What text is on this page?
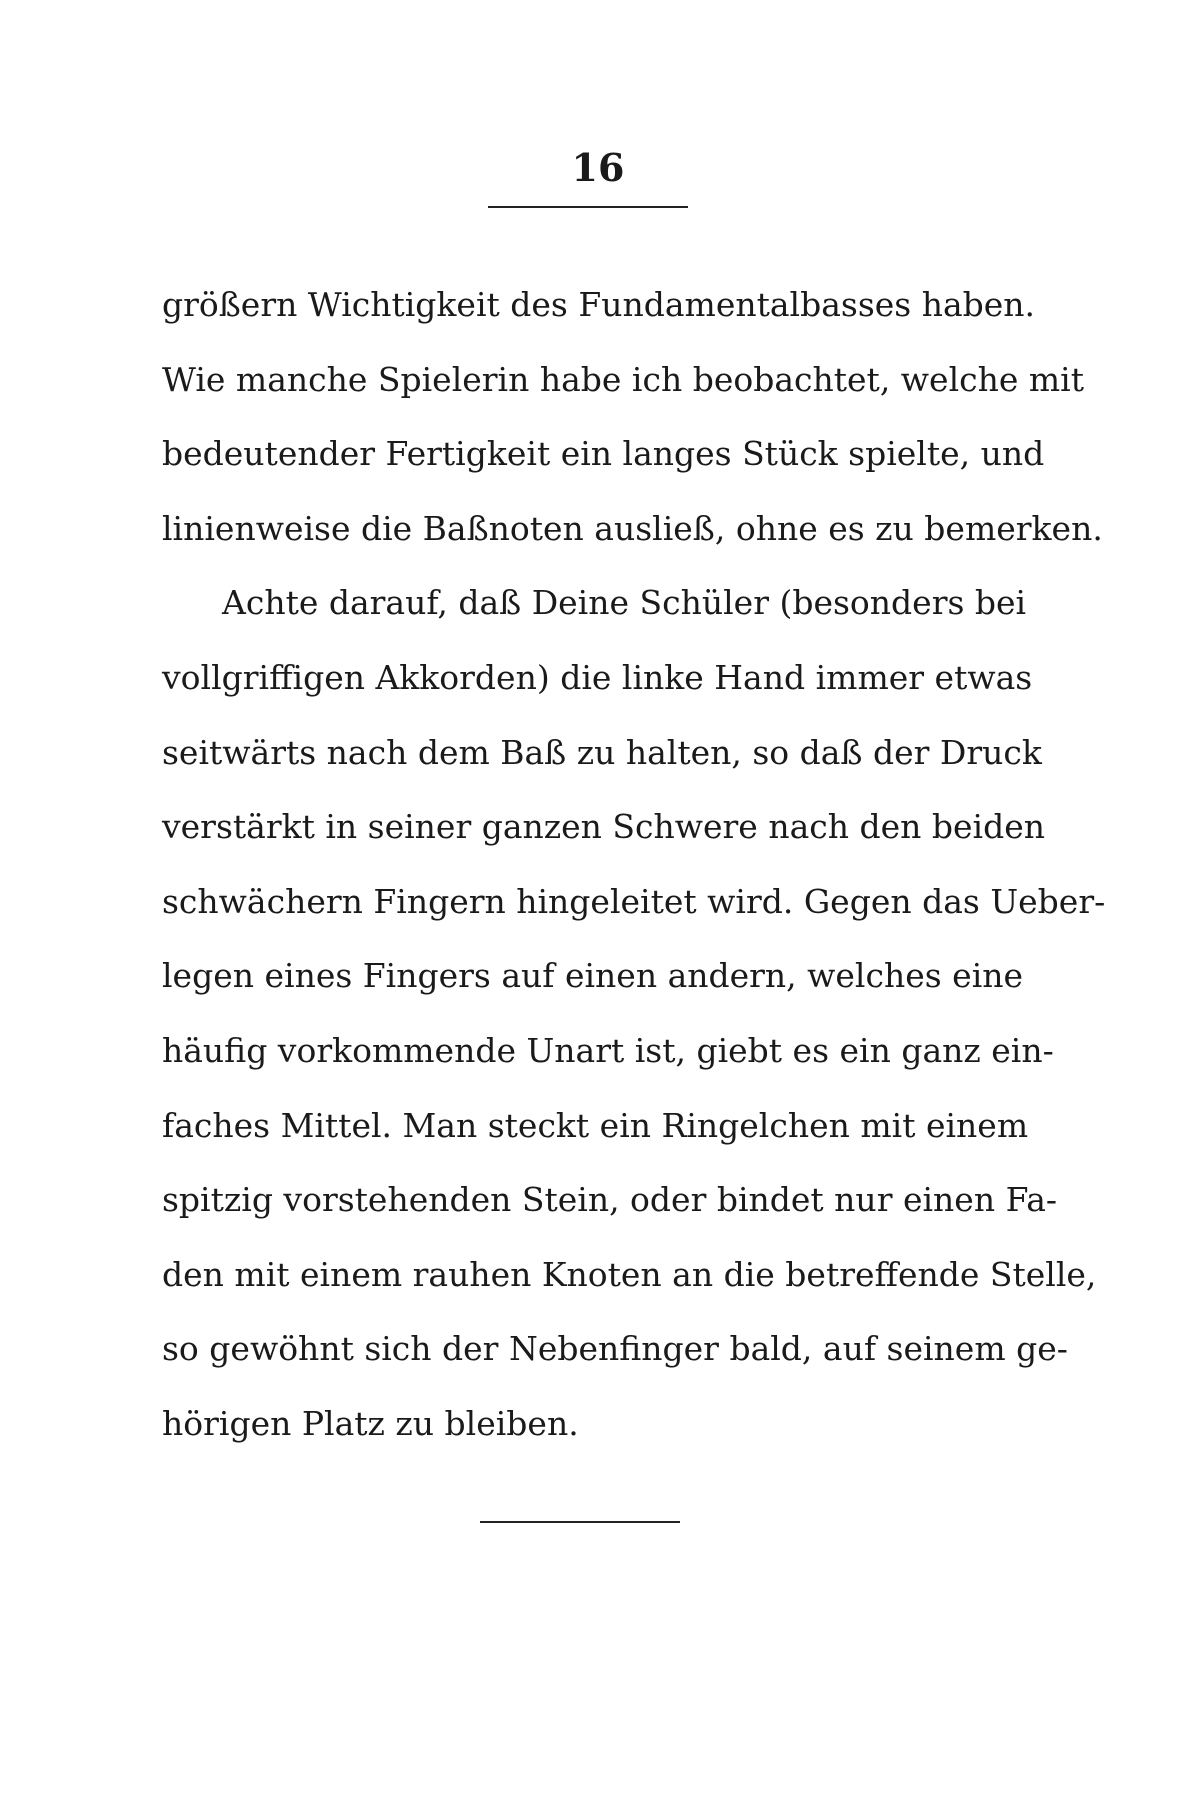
16
größern Wichtigkeit des Fundamentalbasses haben.
Wie manche Spielerin habe ich beobachtet, welche mit
bedeutender Fertigkeit ein langes Stück spielte, und
linienweise die Baßnoten ausließ, ohne es zu bemerken.
Achte darauf, daß Deine Schüler (besonders bei
vollgriffigen Akkorden) die linke Hand immer etwas
seitwärts nach dem Baß zu halten, so daß der Druck
verstärkt in seiner ganzen Schwere nach den beiden
schwächern Fingern hingeleitet wird. Gegen das Ueber-
legen eines Fingers auf einen andern, welches eine
häufig vorkommende Unart ist, giebt es ein ganz ein-
faches Mittel. Man steckt ein Ringelchen mit einem
spitzig vorstehenden Stein, oder bindet nur einen Fa-
den mit einem rauhen Knoten an die betreffende Stelle,
so gewöhnt sich der Nebenfinger bald, auf seinem ge-
hörigen Platz zu bleiben.
